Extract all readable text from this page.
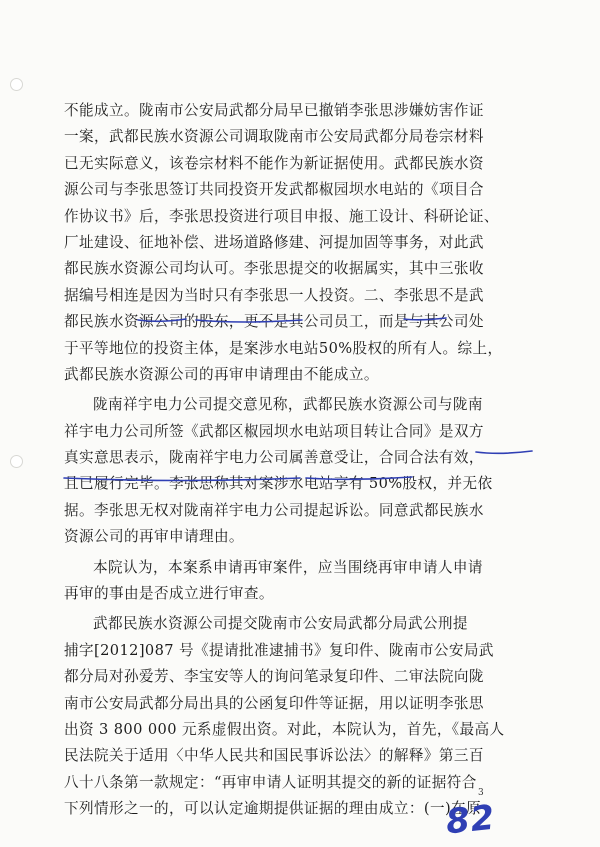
不能成立。陇南市公安局武都分局早已撤销李张思涉嫌妨害作证
一案，武都民族水资源公司调取陇南市公安局武都分局卷宗材料
已无实际意义，该卷宗材料不能作为新证据使用。武都民族水资
源公司与李张思签订共同投资开发武都椒园坝水电站的《项目合
作协议书》后，李张思投资进行项目申报、施工设计、科研论证、
厂址建设、征地补偿、进场道路修建、河提加固等事务，对此武
都民族水资源公司均认可。李张思提交的收据属实，其中三张收
据编号相连是因为当时只有李张思一人投资。二、李张思不是武
都民族水资源公司的股东，更不是其公司员工，而是与其公司处
于平等地位的投资主体，是案涉水电站50%股权的所有人。综上，
武都民族水资源公司的再审申请理由不能成立。
陇南祥宇电力公司提交意见称，武都民族水资源公司与陇南
祥宇电力公司所签《武都区椒园坝水电站项目转让合同》是双方
真实意思表示，陇南祥宇电力公司属善意受让，合同合法有效，
且已履行完毕。李张思称其对案涉水电站享有 50%股权，并无依
据。李张思无权对陇南祥宇电力公司提起诉讼。同意武都民族水
资源公司的再审申请理由。
本院认为，本案系申请再审案件，应当围绕再审申请人申请
再审的事由是否成立进行审查。
武都民族水资源公司提交陇南市公安局武都分局武公刑提
捕字[2012]087 号《提请批准逮捕书》复印件、陇南市公安局武
都分局对孙爱芳、李宝安等人的询问笔录复印件、二审法院向陇
南市公安局武都分局出具的公函复印件等证据，用以证明李张思
出资 3 800 000 元系虚假出资。对此，本院认为，首先，《最高人
民法院关于适用〈中华人民共和国民事诉讼法〉的解释》第三百
八十八条第一款规定：“再审申请人证明其提交的新的证据符合
下列情形之一的，可以认定逾期提供证据的理由成立：(一)在原
3
82
